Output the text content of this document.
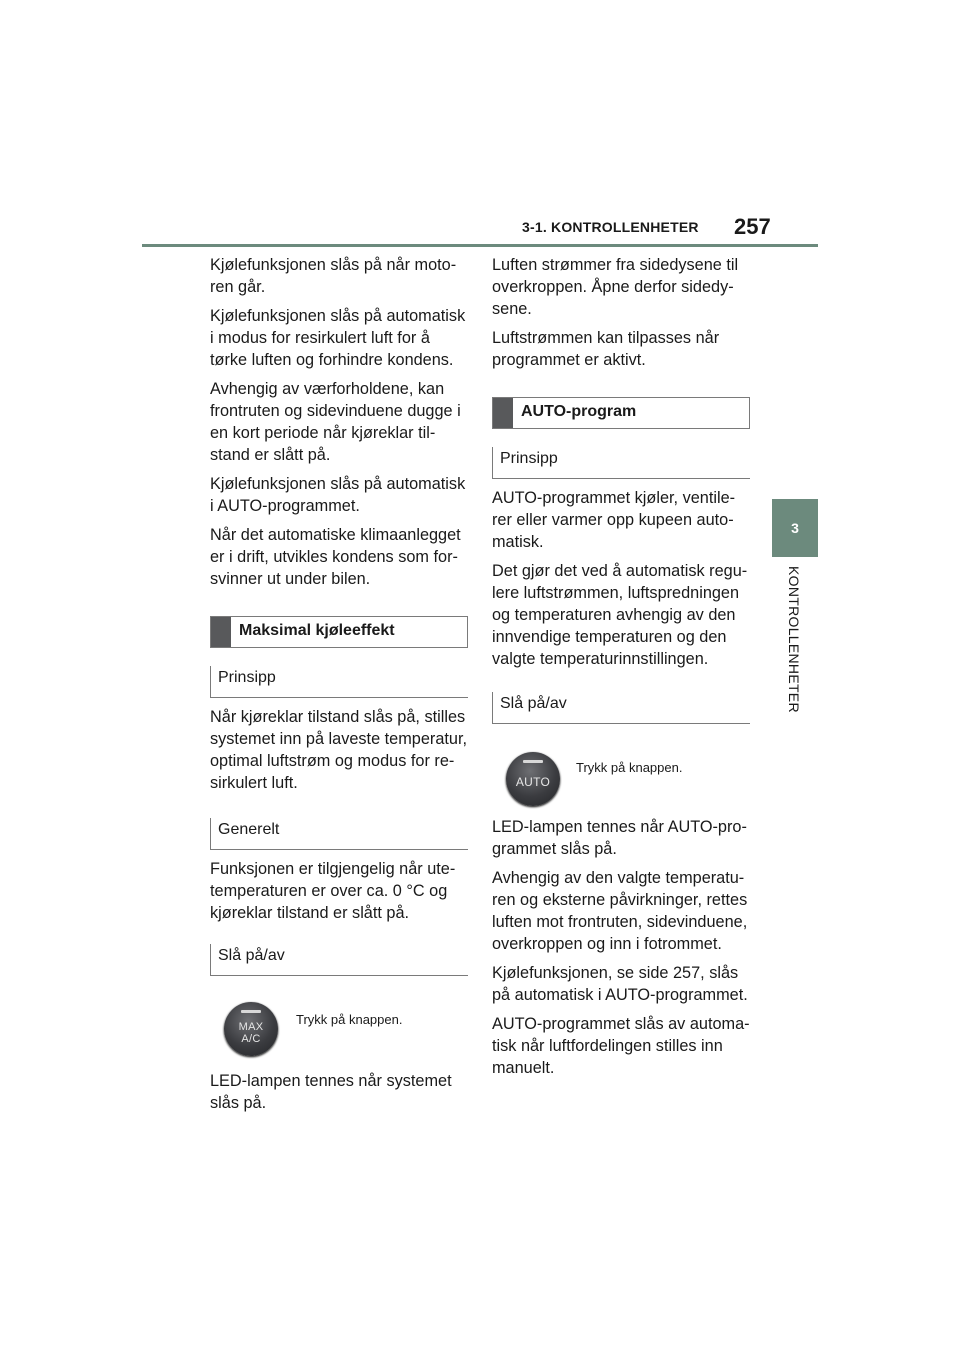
3-1. KONTROLLENHETER 257
3
KONTROLLENHETER

Kjølefunksjonen slås på når moto-ren går.

Kjølefunksjonen slås på automatisk i modus for resirkulert luft for å tørke luften og forhindre kondens.

Avhengig av værforholdene, kan frontruten og sidevinduene dugge i en kort periode når kjøreklar til-stand er slått på.

Kjølefunksjonen slås på automatisk i AUTO-programmet.

Når det automatiske klimaanlegget er i drift, utvikles kondens som for-svinner ut under bilen.

Maksimal kjøleeffekt
Prinsipp

Når kjøreklar tilstand slås på, stilles systemet inn på laveste temperatur, optimal luftstrøm og modus for re-sirkulert luft.

Generelt

Funksjonen er tilgjengelig når ute-temperaturen er over ca. 0 °C og kjøreklar tilstand er slått på.

Slå på/av
MAX
A/C
Trykk på knappen.

LED-lampen tennes når systemet slås på.

Luften strømmer fra sidedysene til overkroppen. Åpne derfor sidedy-sene.

Luftstrømmen kan tilpasses når programmet er aktivt.

AUTO-program
Prinsipp

AUTO-programmet kjøler, ventile-rer eller varmer opp kupeen auto-matisk.

Det gjør det ved å automatisk regu-lere luftstrømmen, luftspredningen og temperaturen avhengig av den innvendige temperaturen og den valgte temperaturinnstillingen.

Slå på/av
AUTO
Trykk på knappen.

LED-lampen tennes når AUTO-pro-grammet slås på.

Avhengig av den valgte temperatu-ren og eksterne påvirkninger, rettes luften mot frontruten, sidevinduene, overkroppen og inn i fotrommet.

Kjølefunksjonen, se side 257, slås på automatisk i AUTO-programmet.

AUTO-programmet slås av automa-tisk når luftfordelingen stilles inn manuelt.
